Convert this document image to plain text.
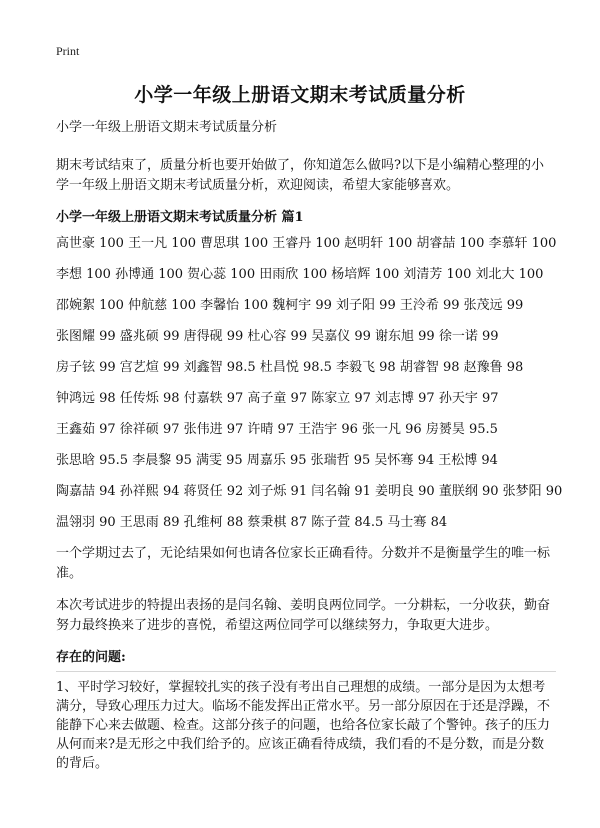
Print
小学一年级上册语文期末考试质量分析

小学一年级上册语文期末考试质量分析

期末考试结束了，质量分析也要开始做了，你知道怎么做吗?以下是小编精心整理的小学一年级上册语文期末考试质量分析，欢迎阅读，希望大家能够喜欢。

小学一年级上册语文期末考试质量分析 篇1

高世豪 100 王一凡 100 曹思琪 100 王睿丹 100 赵明轩 100 胡睿喆 100 李慕轩 100
李想 100 孙博通 100 贺心蕊 100 田雨欣 100 杨培辉 100 刘清芳 100 刘北大 100
邵婉絮 100 仲航慈 100 李馨怡 100 魏柯宇 99 刘子阳 99 王泠希 99 张茂远 99
张图耀 99 盛兆硕 99 唐得砚 99 杜心容 99 吴嘉仪 99 谢东旭 99 徐一诺 99
房子铉 99 宫艺煊 99 刘鑫智 98.5 杜昌悦 98.5 李毅飞 98 胡睿智 98 赵豫鲁 98
钟鸿远 98 任传烁 98 付嘉轶 97 高子童 97 陈家立 97 刘志博 97 孙天宇 97
王鑫茹 97 徐祥硕 97 张伟进 97 许晴 97 王浩宇 96 张一凡 96 房赟昊 95.5
张思晗 95.5 李晨黎 95 满雯 95 周嘉乐 95 张瑞哲 95 吴怀骞 94 王松博 94
陶嘉喆 94 孙祥熙 94 蒋贤任 92 刘子烁 91 闫名翰 91 姜明良 90 董朕纲 90 张梦阳 90
温翎羽 90 王思雨 89 孔维柯 88 蔡秉棋 87 陈子萱 84.5 马士骞 84

一个学期过去了，无论结果如何也请各位家长正确看待。分数并不是衡量学生的唯一标准。

本次考试进步的特提出表扬的是闫名翰、姜明良两位同学。一分耕耘，一分收获，勤奋努力最终换来了进步的喜悦，希望这两位同学可以继续努力，争取更大进步。

存在的问题:

1、平时学习较好，掌握较扎实的孩子没有考出自己理想的成绩。一部分是因为太想考满分，导致心理压力过大。临场不能发挥出正常水平。另一部分原因在于还是浮躁，不能静下心来去做题、检查。这部分孩子的问题，也给各位家长敲了个警钟。孩子的压力从何而来?是无形之中我们给予的。应该正确看待成绩，我们看的不是分数，而是分数的背后。
